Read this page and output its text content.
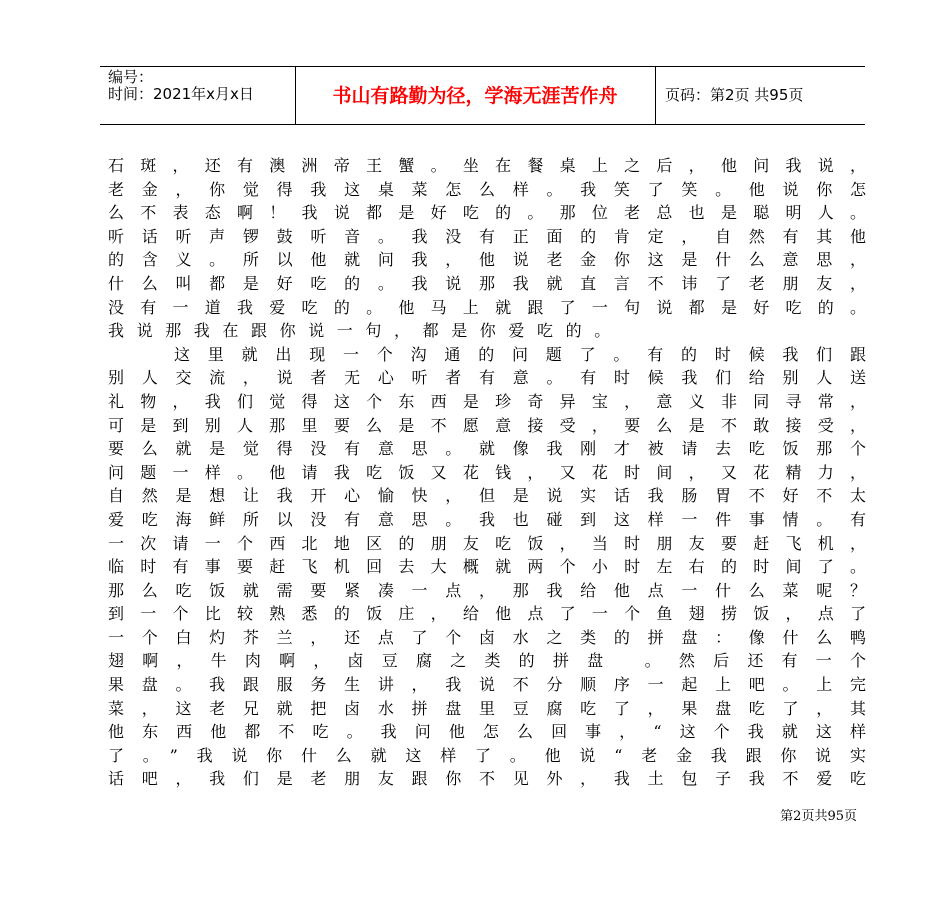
编号：
时间：2021年x月x日	书山有路勤为径，学海无涯苦作舟	页码：第2页 共95页
石斑，还有澳洲帝王蟹。坐在餐桌上之后，他问我说，
老金，你觉得我这桌菜怎么样。我笑了笑。他说你怎
么不表态啊！我说都是好吃的。那位老总也是聪明人。
听话听声锣鼓听音。我没有正面的肯定，自然有其他
的含义。所以他就问我，他说老金你这是什么意思，
什么叫都是好吃的。我说那我就直言不讳了老朋友，
没有一道我爱吃的。他马上就跟了一句说都是好吃的。
我说那我在跟你说一句，都是你爱吃的。
这里就出现一个沟通的问题了。有的时候我们跟
别人交流，说者无心听者有意。有时候我们给别人送
礼物，我们觉得这个东西是珍奇异宝，意义非同寻常，
可是到别人那里要么是不愿意接受，要么是不敢接受，
要么就是觉得没有意思。就像我刚才被请去吃饭那个
问题一样。他请我吃饭又花钱，又花时间，又花精力，
自然是想让我开心愉快，但是说实话我肠胃不好不太
爱吃海鲜所以没有意思。我也碰到这样一件事情。有
一次请一个西北地区的朋友吃饭，当时朋友要赶飞机，
临时有事要赶飞机回去大概就两个小时左右的时间了。
那么吃饭就需要紧凑一点，那我给他点一什么菜呢？
到一个比较熟悉的饭庄，给他点了一个鱼翅捞饭，点了
一个白灼芥兰，还点了个卤水之类的拼盘：像什么鸭
翅啊，牛肉啊，卤豆腐之类的拼盘 。然后还有一个
果盘。我跟服务生讲，我说不分顺序一起上吧。上完
菜，这老兄就把卤水拼盘里豆腐吃了，果盘吃了，其
他东西他都不吃。我问他怎么回事，“这个我就这样
了。”我说你什么就这样了。他说“老金我跟你说实
话吧，我们是老朋友跟你不见外，我土包子我不爱吃
第2页共95页
